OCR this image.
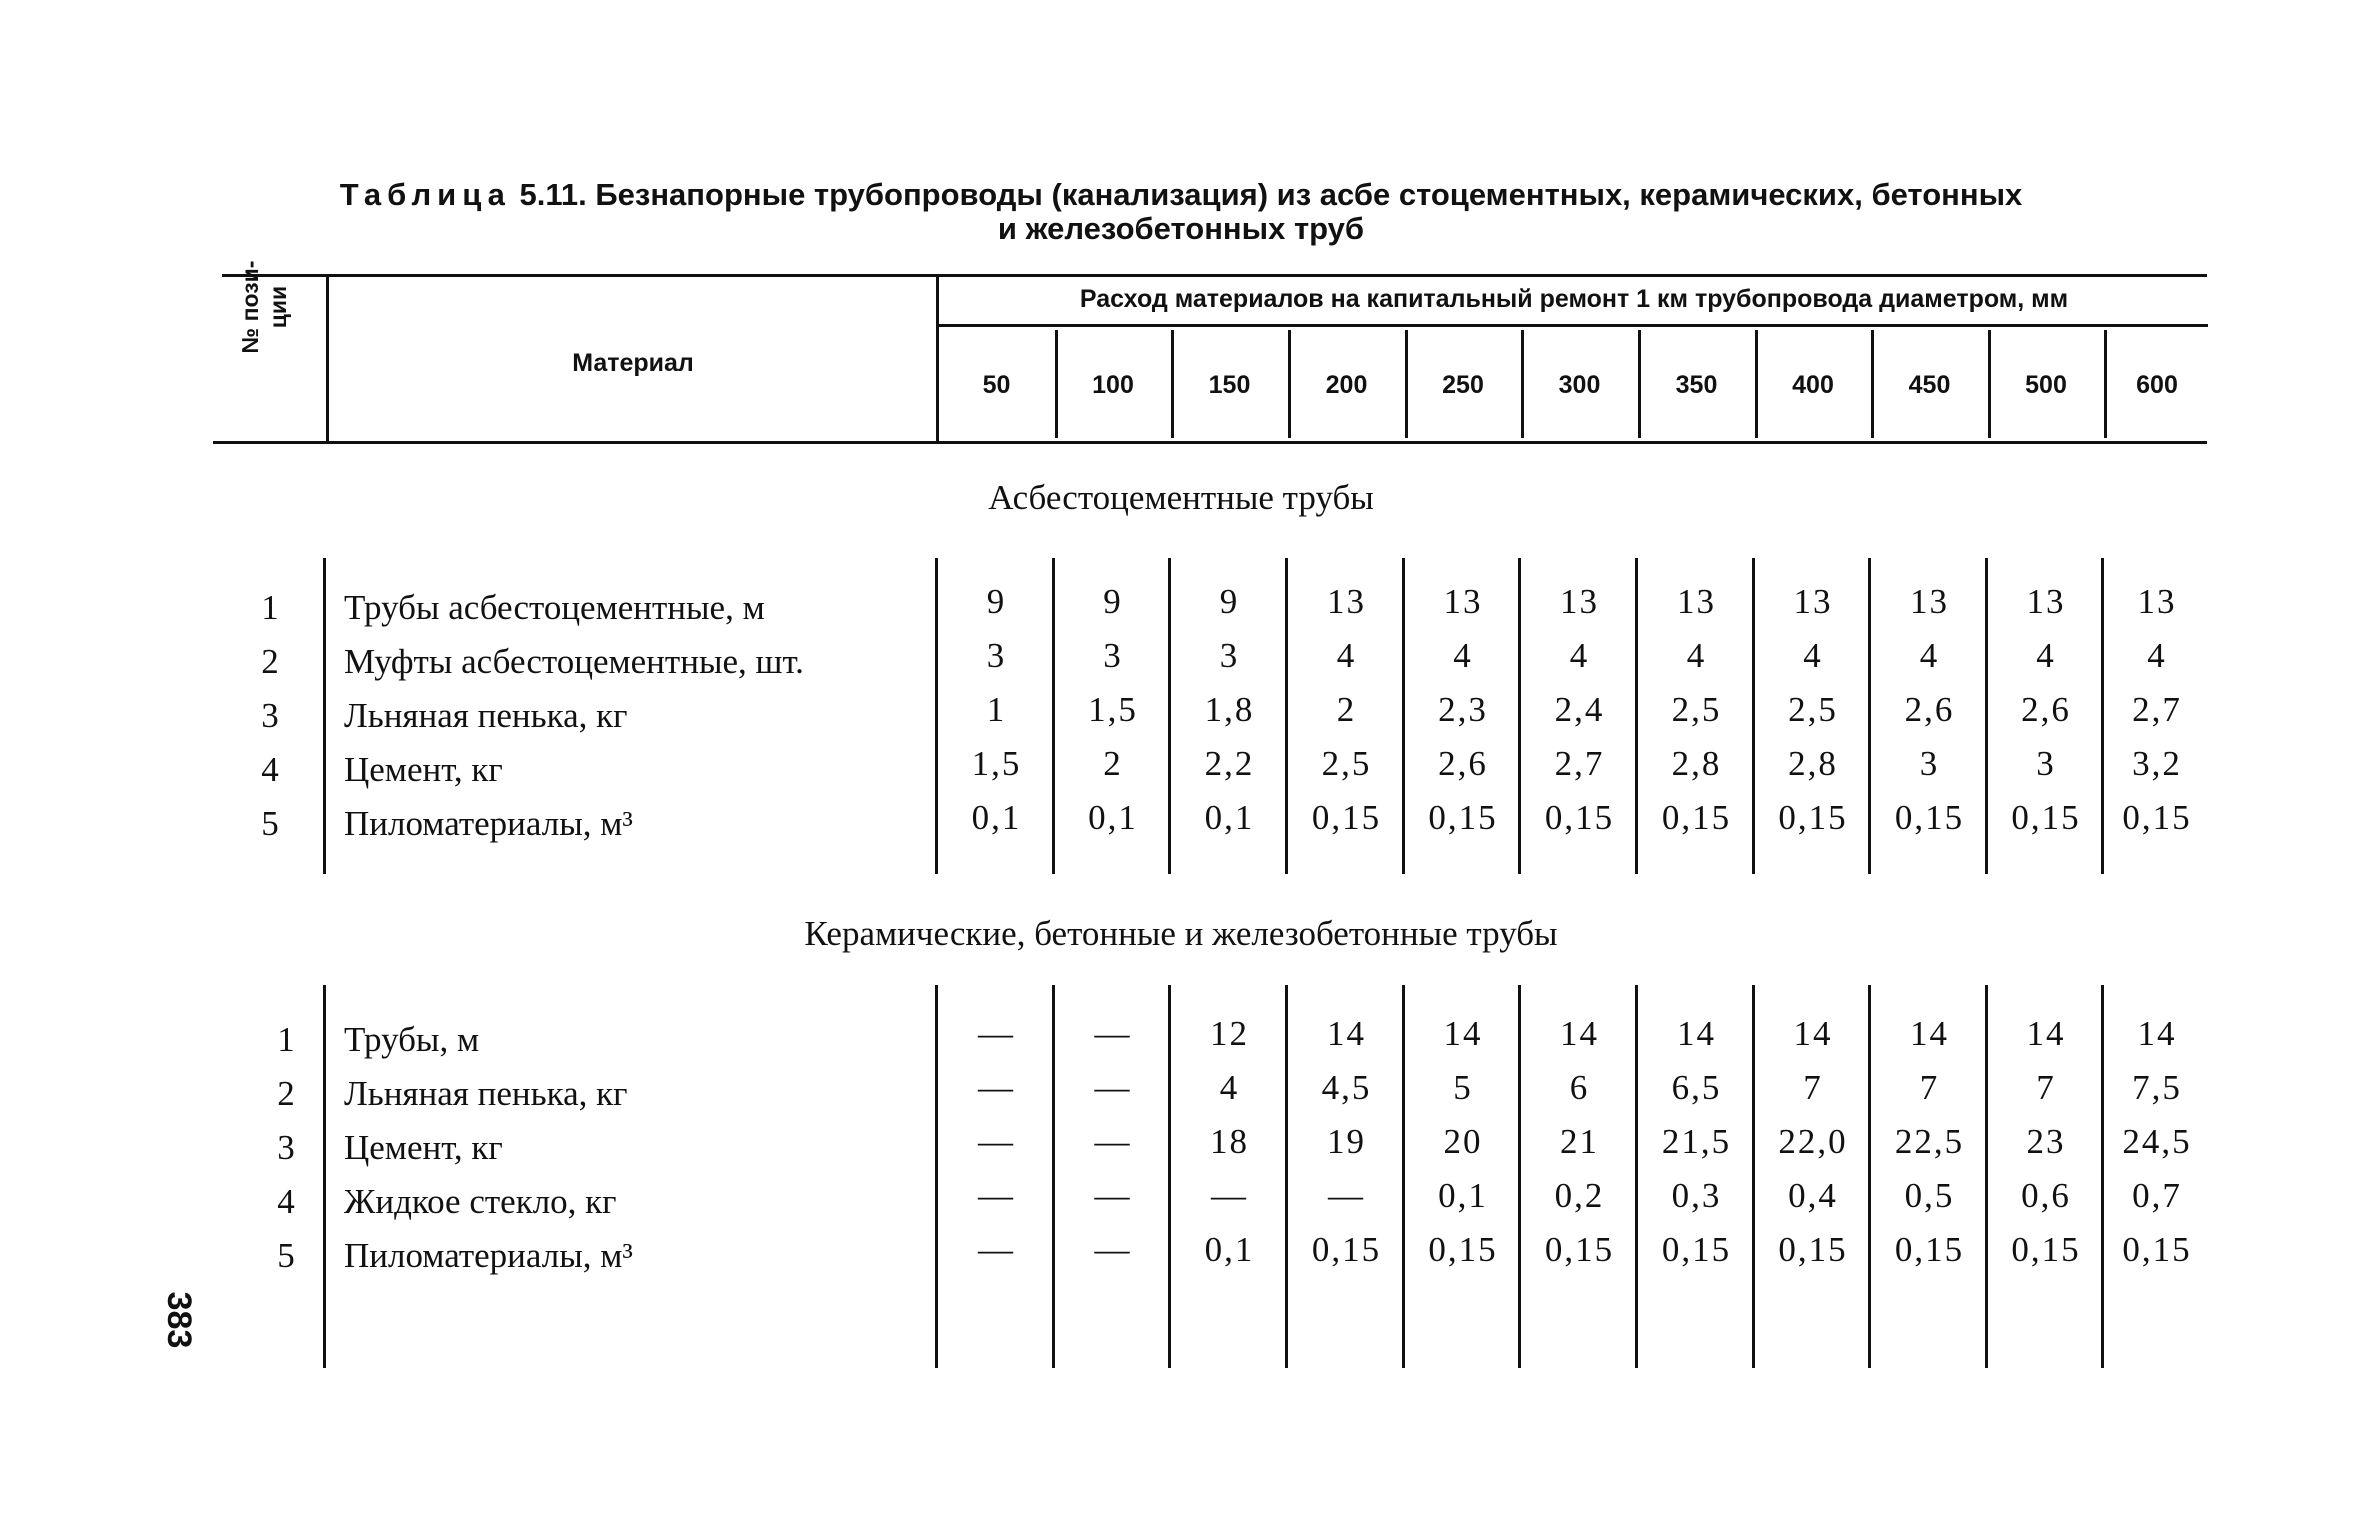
Таблица 5.11. Безнапорные трубопроводы (канализация) из асбе стоцементных, керамических, бетонных
и железобетонных труб
№ пози- ции
Материал
Расход материалов на капитальный ремонт 1 км трубопровода диаметром, мм
50	100	150	200	250	300	350	400	450	500	600
Асбестоцементные трубы
Керамические, бетонные и железобетонные трубы
1	Трубы асбестоцементные, м	9	9	9	13	13	13	13	13	13	13	13
2	Муфты асбестоцементные, шт.	3	3	3	4	4	4	4	4	4	4	4
3	Льняная пенька, кг	1	1,5	1,8	2	2,3	2,4	2,5	2,5	2,6	2,6	2,7
4	Цемент, кг	1,5	2	2,2	2,5	2,6	2,7	2,8	2,8	3	3	3,2
5	Пиломатериалы, м³	0,1	0,1	0,1	0,15	0,15	0,15	0,15	0,15	0,15	0,15	0,15
1	Трубы, м	—	—	12	14	14	14	14	14	14	14	14
2	Льняная пенька, кг	—	—	4	4,5	5	6	6,5	7	7	7	7,5
3	Цемент, кг	—	—	18	19	20	21	21,5	22,0	22,5	23	24,5
4	Жидкое стекло, кг	—	—	—	—	0,1	0,2	0,3	0,4	0,5	0,6	0,7
5	Пиломатериалы, м³	—	—	0,1	0,15	0,15	0,15	0,15	0,15	0,15	0,15	0,15
383
